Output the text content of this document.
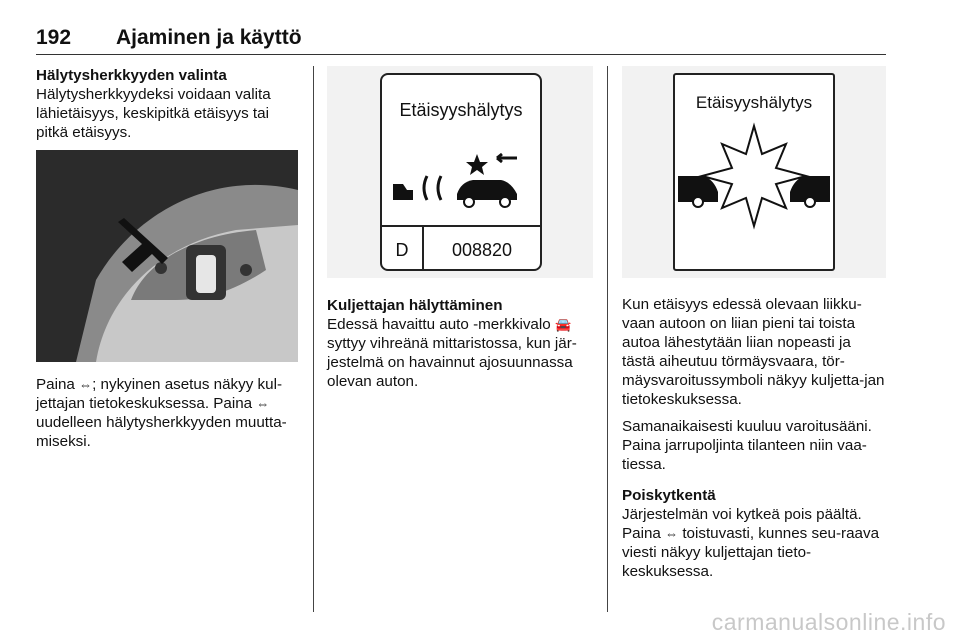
192 Ajaminen ja käyttö
Hälytysherkkyyden valinta
Hälytysherkkyydeksi voidaan valita lähietäisyys, keskipitkä etäisyys tai pitkä etäisyys.
Paina ⇔; nykyinen asetus näkyy kul-jettajan tietokeskuksessa. Paina ⇔ uudelleen hälytysherkkyyden muutta-miseksi.
Etäisyyshälytys
D 008820
Kuljettajan hälyttäminen
Edessä havaittu auto -merkkivalo 🚘 syttyy vihreänä mittaristossa, kun jär-jestelmä on havainnut ajosuunnassa olevan auton.
Etäisyyshälytys

Kun etäisyys edessä olevaan liikku-vaan autoon on liian pieni tai toista autoa lähestytään liian nopeasti ja tästä aiheutuu törmäysvaara, tör-mäysvaroitussymboli näkyy kuljetta-jan tietokeskuksessa.

Samanaikaisesti kuuluu varoitusääni. Paina jarrupoljinta tilanteen niin vaa-tiessa.

Poiskytkentä
Järjestelmän voi kytkeä pois päältä.
Paina ⇔ toistuvasti, kunnes seu-raava viesti näkyy kuljettajan tieto-keskuksessa.
carmanualsonline.info
